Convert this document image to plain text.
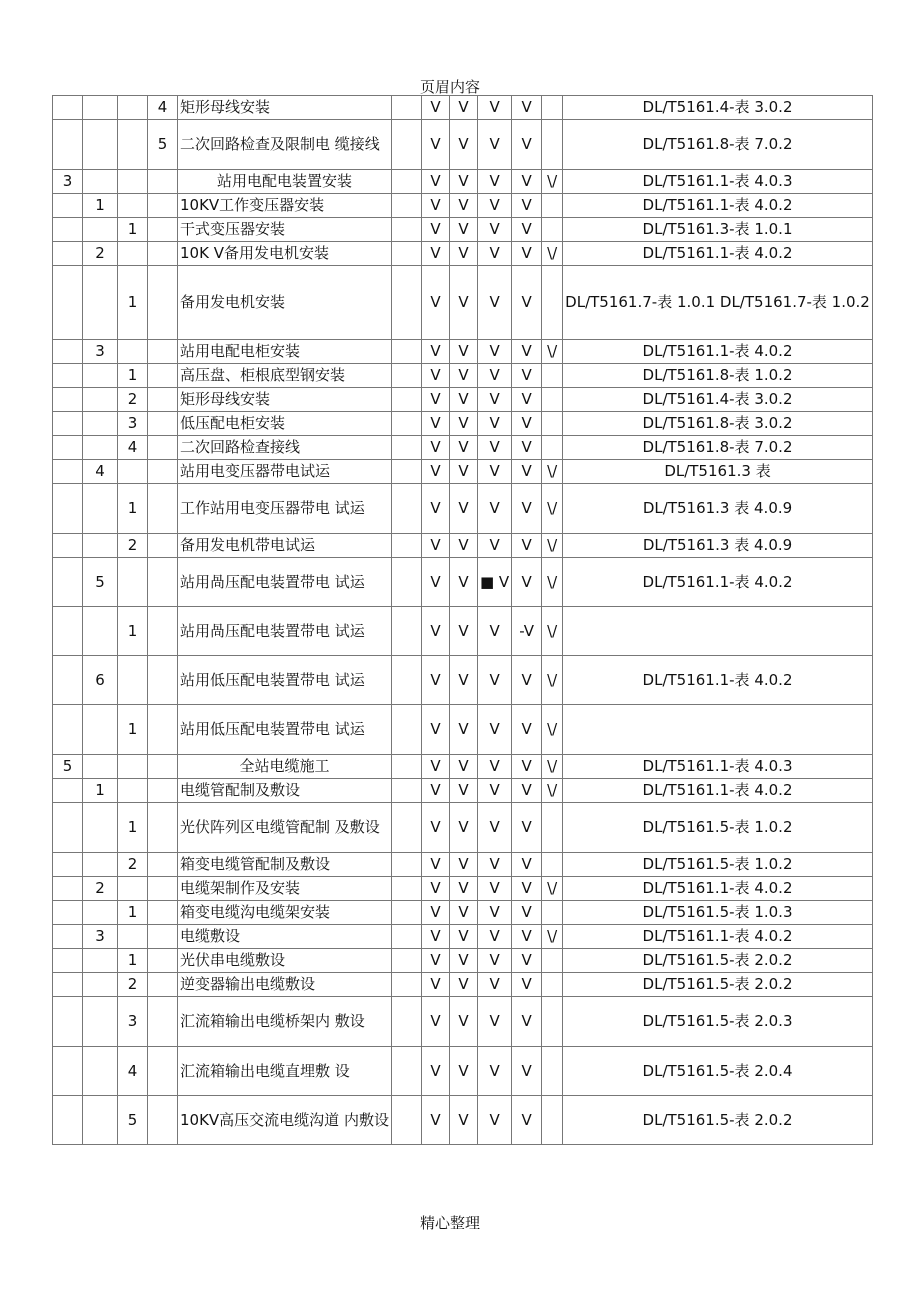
页眉内容
			4	矩形母线安装		V	V	V	V		DL/T5161.4-表 3.0.2
			5	二次回路检查及限制电 缆接线		V	V	V	V		DL/T5161.8-表 7.0.2
3				站用电配电装置安装		V	V	V	V	\/	DL/T5161.1-表 4.0.3
	1			10KV工作变压器安装		V	V	V	V		DL/T5161.1-表 4.0.2
		1		干式变压器安装		V	V	V	V		DL/T5161.3-表 1.0.1
	2			10K V备用发电机安装		V	V	V	V	\/	DL/T5161.1-表 4.0.2
		1		备用发电机安装		V	V	V	V		DL/T5161.7-表 1.0.1 DL/T5161.7-表 1.0.2
	3			站用电配电柜安装		V	V	V	V	\/	DL/T5161.1-表 4.0.2
		1		高压盘、柜根底型钢安装		V	V	V	V		DL/T5161.8-表 1.0.2
		2		矩形母线安装		V	V	V	V		DL/T5161.4-表 3.0.2
		3		低压配电柜安装		V	V	V	V		DL/T5161.8-表 3.0.2
		4		二次回路检查接线		V	V	V	V		DL/T5161.8-表 7.0.2
	4			站用电变压器带电试运		V	V	V	V	\/	DL/T5161.3 表
		1		工作站用电变压器带电 试运		V	V	V	V	\/	DL/T5161.3 表 4.0.9
		2		备用发电机带电试运		V	V	V	V	\/	DL/T5161.3 表 4.0.9
	5			站用咼压配电装置带电 试运		V	V	■ V	V	\/	DL/T5161.1-表 4.0.2
		1		站用咼压配电装置带电 试运		V	V	V	-V	\/	
	6			站用低压配电装置带电 试运		V	V	V	V	\/	DL/T5161.1-表 4.0.2
		1		站用低压配电装置带电 试运		V	V	V	V	\/	
5				全站电缆施工		V	V	V	V	\/	DL/T5161.1-表 4.0.3
	1			电缆管配制及敷设		V	V	V	V	\/	DL/T5161.1-表 4.0.2
		1		光伏阵列区电缆管配制 及敷设		V	V	V	V		DL/T5161.5-表 1.0.2
		2		箱变电缆管配制及敷设		V	V	V	V		DL/T5161.5-表 1.0.2
	2			电缆架制作及安装		V	V	V	V	\/	DL/T5161.1-表 4.0.2
		1		箱变电缆沟电缆架安装		V	V	V	V		DL/T5161.5-表 1.0.3
	3			电缆敷设		V	V	V	V	\/	DL/T5161.1-表 4.0.2
		1		光伏串电缆敷设		V	V	V	V		DL/T5161.5-表 2.0.2
		2		逆变器输出电缆敷设		V	V	V	V		DL/T5161.5-表 2.0.2
		3		汇流箱输出电缆桥架内 敷设		V	V	V	V		DL/T5161.5-表 2.0.3
		4		汇流箱输出电缆直埋敷 设		V	V	V	V		DL/T5161.5-表 2.0.4
		5		10KV高压交流电缆沟道 内敷设		V	V	V	V		DL/T5161.5-表 2.0.2
精心整理
